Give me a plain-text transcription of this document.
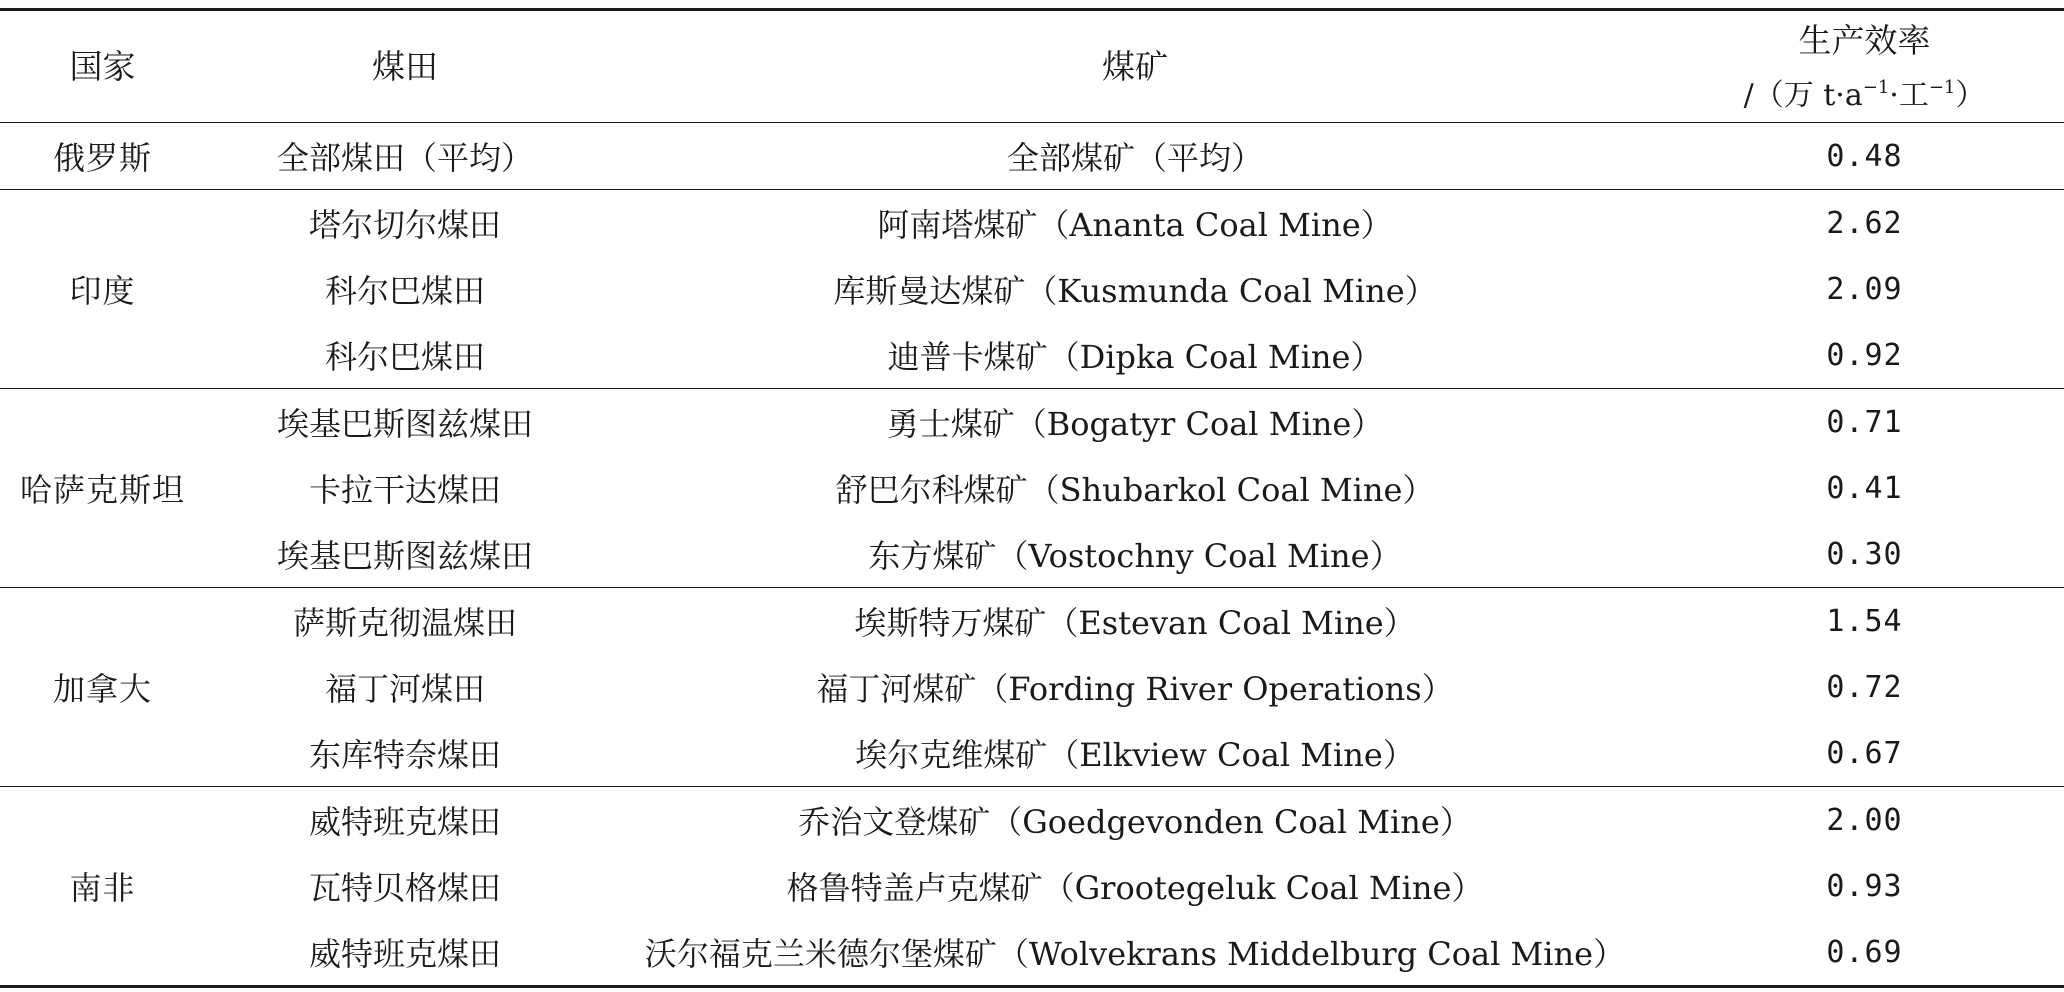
国家	煤田	煤矿	生产效率
/（万 $t\cdot a^{-1}\cdot$工$^{-1}$）

俄罗斯	全部煤田（平均）	全部煤矿（平均）	0.48
印度	塔尔切尔煤田	阿南塔煤矿（Ananta Coal Mine）	2.62
	科尔巴煤田	库斯曼达煤矿（Kusmunda Coal Mine）	2.09
	科尔巴煤田	迪普卡煤矿（Dipka Coal Mine）	0.92
哈萨克斯坦	埃基巴斯图兹煤田	勇士煤矿（Bogatyr Coal Mine）	0.71
	卡拉干达煤田	舒巴尔科煤矿（Shubarkol Coal Mine）	0.41
	埃基巴斯图兹煤田	东方煤矿（Vostochny Coal Mine）	0.30
加拿大	萨斯克彻温煤田	埃斯特万煤矿（Estevan Coal Mine）	1.54
	福丁河煤田	福丁河煤矿（Fording River Operations）	0.72
	东库特奈煤田	埃尔克维煤矿（Elkview Coal Mine）	0.67
南非	威特班克煤田	乔治文登煤矿（Goedgevonden Coal Mine）	2.00
	瓦特贝格煤田	格鲁特盖卢克煤矿（Grootegeluk Coal Mine）	0.93
	威特班克煤田	沃尔福克兰米德尔堡煤矿（Wolvekrans Middelburg Coal Mine）	0.69
